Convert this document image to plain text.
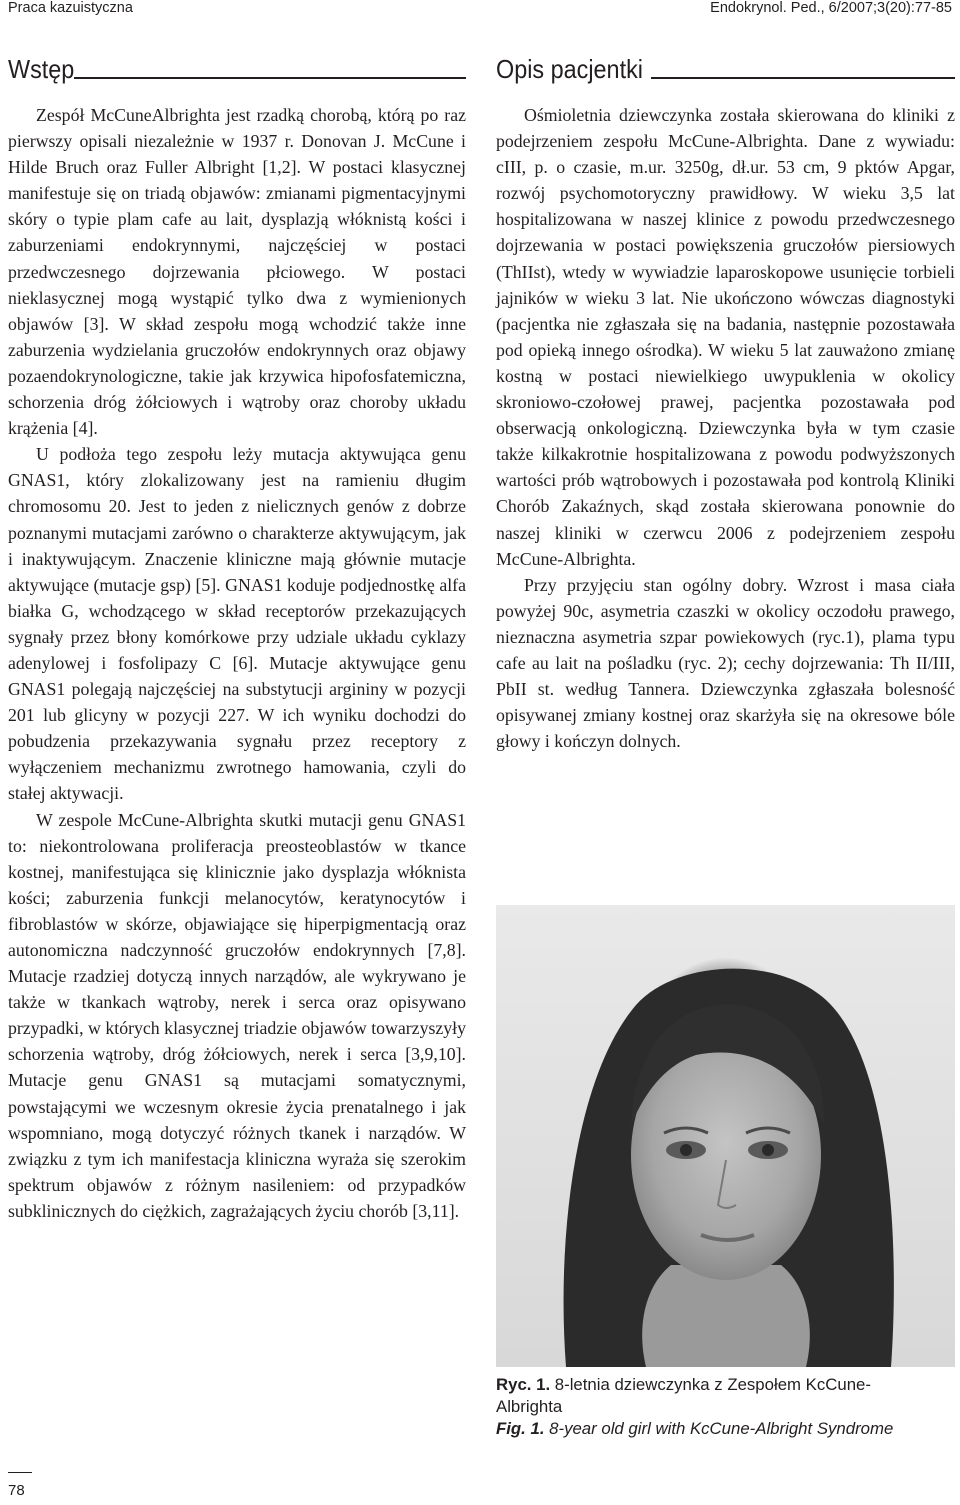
Praca kazuistyczna	Endokrynol. Ped., 6/2007;3(20):77-85
Wstęp

Zespół McCuneAlbrighta jest rzadką chorobą, którą po raz pierwszy opisali niezależnie w 1937 r. Donovan J. McCune i Hilde Bruch oraz Fuller Albright [1,2]. W postaci klasycznej manifestuje się on triadą objawów: zmianami pigmentacyjnymi skóry o typie plam cafe au lait, dysplazją włóknistą kości i zaburzeniami endokrynnymi, najczęściej w postaci przedwczesnego dojrzewania płciowego. W postaci nieklasycznej mogą wystąpić tylko dwa z wymienionych objawów [3]. W skład zespołu mogą wchodzić także inne zaburzenia wydzielania gruczołów endokrynnych oraz objawy pozaendokrynologiczne, takie jak krzywica hipofosfatemiczna, schorzenia dróg żółciowych i wątroby oraz choroby układu krążenia [4].

U podłoża tego zespołu leży mutacja aktywująca genu GNAS1, który zlokalizowany jest na ramieniu długim chromosomu 20. Jest to jeden z nielicznych genów z dobrze poznanymi mutacjami zarówno o charakterze aktywującym, jak i inaktywującym. Znaczenie kliniczne mają głównie mutacje aktywujące (mutacje gsp) [5]. GNAS1 koduje podjednostkę alfa białka G, wchodzącego w skład receptorów przekazujących sygnały przez błony komórkowe przy udziale układu cyklazy adenylowej i fosfolipazy C [6]. Mutacje aktywujące genu GNAS1 polegają najczęściej na substytucji argininy w pozycji 201 lub glicyny w pozycji 227. W ich wyniku dochodzi do pobudzenia przekazywania sygnału przez receptory z wyłączeniem mechanizmu zwrotnego hamowania, czyli do stałej aktywacji.

W zespole McCune-Albrighta skutki mutacji genu GNAS1 to: niekontrolowana proliferacja preosteoblastów w tkance kostnej, manifestująca się klinicznie jako dysplazja włóknista kości; zaburzenia funkcji melanocytów, keratynocytów i fibroblastów w skórze, objawiające się hiperpigmentacją oraz autonomiczna nadczynność gruczołów endokrynnych [7,8]. Mutacje rzadziej dotyczą innych narządów, ale wykrywano je także w tkankach wątroby, nerek i serca oraz opisywano przypadki, w których klasycznej triadzie objawów towarzyszyły schorzenia wątroby, dróg żółciowych, nerek i serca [3,9,10]. Mutacje genu GNAS1 są mutacjami somatycznymi, powstającymi we wczesnym okresie życia prenatalnego i jak wspomniano, mogą dotyczyć różnych tkanek i narządów. W związku z tym ich manifestacja kliniczna wyraża się szerokim spektrum objawów z różnym nasileniem: od przypadków subklinicznych do ciężkich, zagrażających życiu chorób [3,11].

Opis pacjentki

Ośmioletnia dziewczynka została skierowana do kliniki z podejrzeniem zespołu McCune-Albrighta. Dane z wywiadu: cIII, p. o czasie, m.ur. 3250g, dł.ur. 53 cm, 9 pktów Apgar, rozwój psychomotoryczny prawidłowy. W wieku 3,5 lat hospitalizowana w naszej klinice z powodu przedwczesnego dojrzewania w postaci powiększenia gruczołów piersiowych (ThIIst), wtedy w wywiadzie laparoskopowe usunięcie torbieli jajników w wieku 3 lat. Nie ukończono wówczas diagnostyki (pacjentka nie zgłaszała się na badania, następnie pozostawała pod opieką innego ośrodka). W wieku 5 lat zauważono zmianę kostną w postaci niewielkiego uwypuklenia w okolicy skroniowo-czołowej prawej, pacjentka pozostawała pod obserwacją onkologiczną. Dziewczynka była w tym czasie także kilkakrotnie hospitalizowana z powodu podwyższonych wartości prób wątrobowych i pozostawała pod kontrolą Kliniki Chorób Zakaźnych, skąd została skierowana ponownie do naszej kliniki w czerwcu 2006 z podejrzeniem zespołu McCune-Albrighta.

Przy przyjęciu stan ogólny dobry. Wzrost i masa ciała powyżej 90c, asymetria czaszki w okolicy oczodołu prawego, nieznaczna asymetria szpar powiekowych (ryc.1), plama typu cafe au lait na pośladku (ryc. 2); cechy dojrzewania: Th II/III, PbII st. według Tannera. Dziewczynka zgłaszała bolesność opisywanej zmiany kostnej oraz skarżyła się na okresowe bóle głowy i kończyn dolnych.

Ryc. 1. 8-letnia dziewczynka z Zespołem KcCune-Albrighta
Fig. 1. 8-year old girl with KcCune-Albright Syndrome
78
